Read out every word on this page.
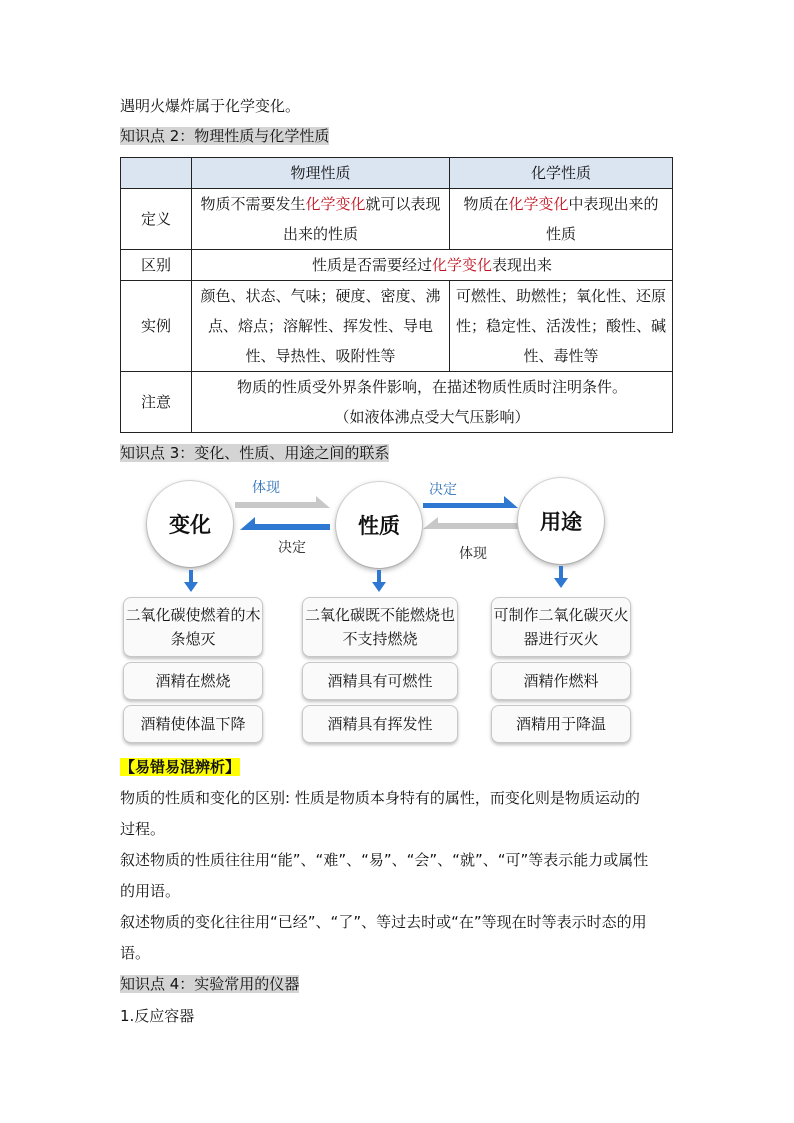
遇明火爆炸属于化学变化。
知识点 2：物理性质与化学性质
	物理性质	化学性质
定义	物质不需要发生化学变化就可以表现出来的性质	物质在化学变化中表现出来的性质
区别	性质是否需要经过化学变化表现出来	
实例	颜色、状态、气味；硬度、密度、沸点、熔点；溶解性、挥发性、导电性、导热性、吸附性等	可燃性、助燃性；氧化性、还原性；稳定性、活泼性；酸性、碱性、毒性等
注意	物质的性质受外界条件影响，在描述物质性质时注明条件。
（如液体沸点受大气压影响）	
知识点 3：变化、性质、用途之间的联系
体现
决定
决定
体现
变化	性质	用途
二氧化碳使燃着的木条熄灭
酒精在燃烧
酒精使体温下降
二氧化碳既不能燃烧也不支持燃烧
酒精具有可燃性
酒精具有挥发性
可制作二氧化碳灭火器进行灭火
酒精作燃料
酒精用于降温
【易错易混辨析】
物质的性质和变化的区别: 性质是物质本身特有的属性，而变化则是物质运动的
过程。
叙述物质的性质往往用“能”、“难”、“易”、“会”、“就”、“可”等表示能力或属性
的用语。
叙述物质的变化往往用“已经”、“了”、等过去时或“在”等现在时等表示时态的用
语。
知识点 4：实验常用的仪器
1.反应容器
